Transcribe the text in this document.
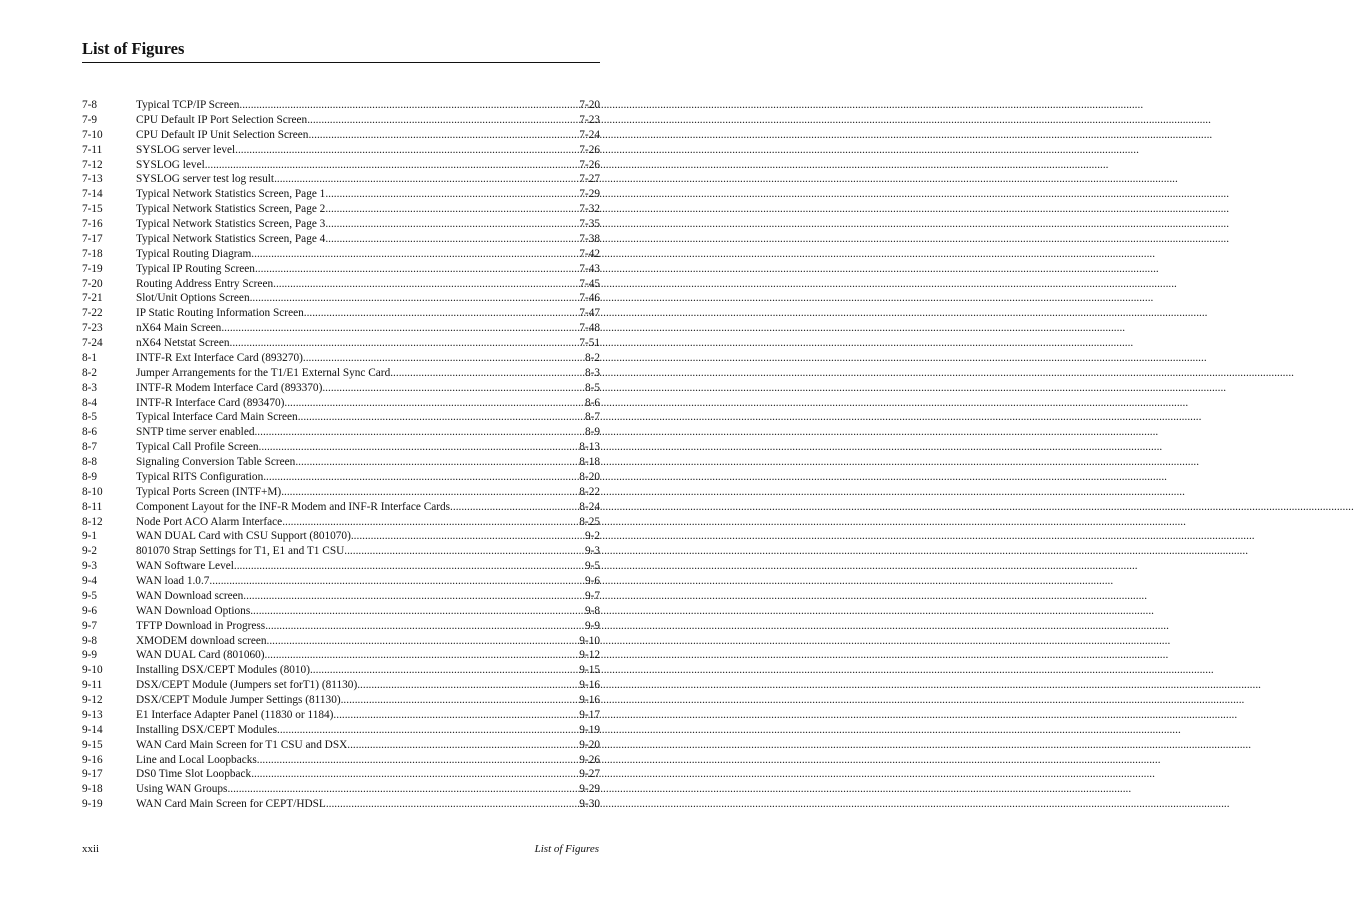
List of Figures
7-8	Typical TCP/IP Screen .....	7-20
7-9	CPU Default IP Port Selection Screen .....	7-23
7-10	CPU Default IP Unit Selection Screen .....	7-24
7-11	SYSLOG server level .....	7-26
7-12	SYSLOG level .....	7-26
7-13	SYSLOG server test log result .....	7-27
7-14	Typical Network Statistics Screen, Page 1 .....	7-29
7-15	Typical Network Statistics Screen, Page 2 .....	7-32
7-16	Typical Network Statistics Screen, Page 3 .....	7-35
7-17	Typical Network Statistics Screen, Page 4 .....	7-38
7-18	Typical Routing Diagram .....	7-42
7-19	Typical IP Routing Screen .....	7-43
7-20	Routing Address Entry Screen .....	7-45
7-21	Slot/Unit Options Screen .....	7-46
7-22	IP Static Routing Information Screen .....	7-47
7-23	nX64 Main Screen .....	7-48
7-24	nX64 Netstat Screen .....	7-51
8-1	INTF-R Ext Interface Card (893270) .....	8-2
8-2	Jumper Arrangements for the T1/E1 External Sync Card .....	8-3
8-3	INTF-R Modem Interface Card (893370) .....	8-5
8-4	INTF-R Interface Card (893470) .....	8-6
8-5	Typical Interface Card Main Screen .....	8-7
8-6	SNTP time server enabled .....	8-9
8-7	Typical Call Profile Screen .....	8-13
8-8	Signaling Conversion Table Screen .....	8-18
8-9	Typical RITS Configuration .....	8-20
8-10	Typical Ports Screen (INTF+M) .....	8-22
8-11	Component Layout for the INF-R Modem and INF-R Interface Cards .....	8-24
8-12	Node Port ACO Alarm Interface .....	8-25
9-1	WAN DUAL Card with CSU Support (801070) .....	9-2
9-2	801070 Strap Settings for T1, E1 and T1 CSU .....	9-3
9-3	WAN Software Level .....	9-5
9-4	WAN load 1.0.7 .....	9-6
9-5	WAN Download screen .....	9-7
9-6	WAN Download Options .....	9-8
9-7	TFTP Download in Progress .....	9-9
9-8	XMODEM download screen .....	9-10
9-9	WAN DUAL Card (801060) .....	9-12
9-10	Installing DSX/CEPT Modules (8010) .....	9-15
9-11	DSX/CEPT Module (Jumpers set forT1) (81130) .....	9-16
9-12	DSX/CEPT Module Jumper Settings (81130) .....	9-16
9-13	E1 Interface Adapter Panel (11830 or 1184) .....	9-17
9-14	Installing DSX/CEPT Modules .....	9-19
9-15	WAN Card Main Screen for T1 CSU and DSX .....	9-20
9-16	Line and Local Loopbacks .....	9-26
9-17	DS0 Time Slot Loopback .....	9-27
9-18	Using WAN Groups .....	9-29
9-19	WAN Card Main Screen for CEPT/HDSL .....	9-30
xxii	List of Figures
